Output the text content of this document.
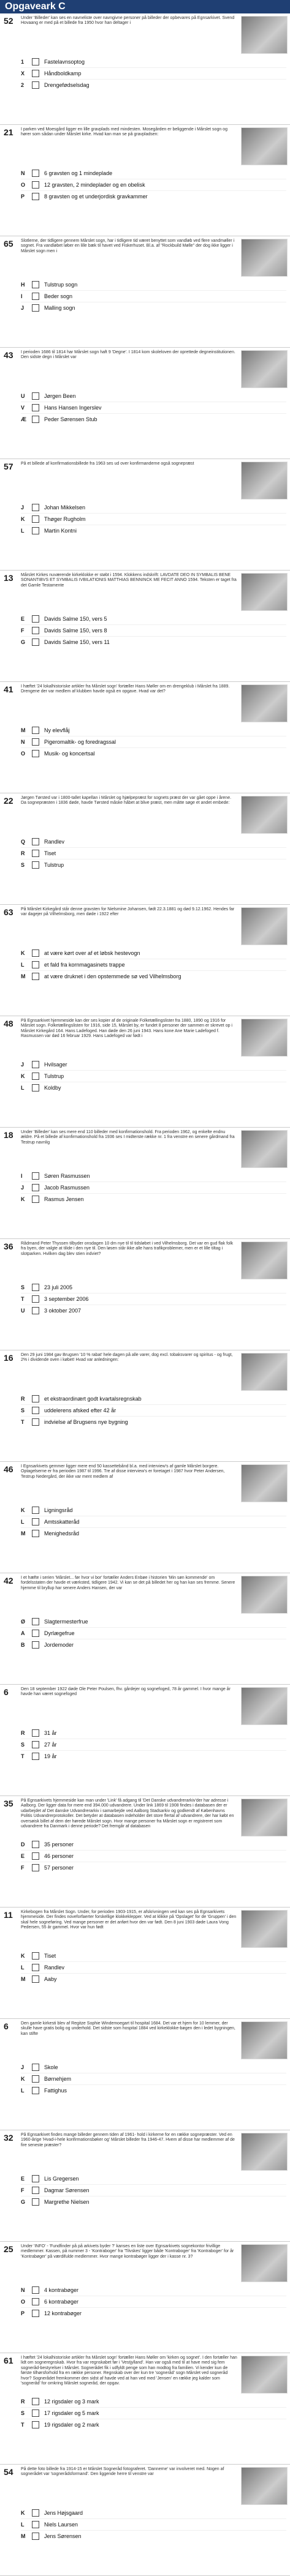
Opgaveark C
52	Under 'Billeder' kan ses en navneliste over navngivne personer på billeder der opbevares på Egnsarkivet. Svend Hovaang er med på et billede fra 1950 hvor han deltager i
1	Fastelavnsoptog
X	Håndboldkamp
2	Drengefødselsdag
21	I parken ved Moesgård ligger en lille gravplads med mindesten. Mosegården er beliggende i Mårslet sogn og hører som sådan under Mårslet kirke. Hvad kan man se på gravpladsen:
N	6 gravsten og 1 mindeplade
O	12 gravsten, 2 mindeplader og en obelisk
P	8 gravsten og et underjordisk gravkammer
65	Slotlerne, der tidligere gennem Mårslet sogn, har i tidligere tid været benyttet som vandløb ved flere vandmøller i sognet. Fra vandløbet løber en lille bæk til havet ved Fiskerhuset. Bl.a. af "Rockbuild Mølle" der dog ikke ligger i Mårslet sogn men i
H	Tulstrup sogn
I	Beder sogn
J	Malling sogn
43	I perioden 1686 til 1814 har Mårslet sogn haft 9 'Degne'. I 1814 kom skoleloven der oprettede degneinstitutionen. Den sidste degn i Mårslet var
U	Jørgen Been
V	Hans Hansen Ingerslev
Æ	Peder Sørensen Stub
57	På et billede af konfirmationsbillede fra 1963 ses ud over konfirmanderne også sognepræst
J	Johan Mikkelsen
K	Thøger Rugholm
L	Martin Kontni
13	Mårslet Kirkes nuværende kirkeklokke er støbt i 1594. Klokkens indskrift: LAVDATE DEO IN SYMBALIS BENE SONANTIBVS ET SYMBALIS IVBILATIONIS MATTHIAS BENNINCK ME FECIT ANNO 1594. Teksten er taget fra det Gamle Testamente
E	Davids Salme 150, vers 5
F	Davids Salme 150, vers 8
G	Davids Salme 150, vers 11
41	I hæftet '24 lokalhistoriske artikler fra Mårslet sogn' fortæller Hans Møller om en drengeklub i Mårslet fra 1889. Drengene der var medlem af klubben havde også en opgave. Hvad var det?
M	Ny elevflåj
N	Pigeromaltik- og foredragssal
O	Musik- og koncertsal
22	Jørgen Tørsted var i 1800-tallet kapellan i Mårslet og hjælpepræst for sognets præst der var gået oppe i årene. Da sognepræsten i 1836 døde, havde Tørsted måske håbet at blive præst, men måtte søge et andet embede:
Q	Randlev
R	Tiset
S	Tulstrup
63	På Mårslet Kirkegård står denne gravsten for Nielsmine Johansen, født 22.3.1881 og død 9.12.1962. Hendes far var dagejer på Vilhelmsborg, men døde i 1922 efter
K	at være kørt over af et løbsk hestevogn
L	et fald fra kornmagasinets trappe
M	at være druknet i den opstemmede sø ved Vilhelmsborg
48	På Egnsarkivet hjemmeside kan der ses kopier af de originale Folketællingslister fra 1880, 1890 og 1916 for Mårslet sogn. Folketællingslisten for 1916, side 15, Mårslet by, er fundet 8 personer der sammen er skrevet op i Mårslet Kirkegård 164. Hans Ladefoged. Han døde den 26 juni 1943. Hans kone Ane Marie Ladefoged f. Rasmussen var død 16 februar 1929. Hans Ladefoged var født i
J	Hvilsager
K	Tulstrup
L	Koldby
18	Under 'Billeder' kan ses mere end 110 billeder med konfirmationshold. Fra perioden 1962, og enkelte endnu ældre. På et billede af konfirmationshold fra 1936 ses I midterste række nr. 1 fra venstre en senere gårdmand fra Testrup navnlig
I	Søren Rasmussen
J	Jacob Rasmussen
K	Rasmus Jensen
36	Rådmand Peter Thyssen tilbyder onsdagen 10 dm nye til til tidsløbet i ved Vilhelmsborg. Det var en gud flak folk fra byen, der valgte at tilide i den nye til. Den løsen står ikke alle hans trafikproblemer, men er et lille tiltag i slotparken. Hvilken dag blev stien indviet?
S	23 juli 2005
T	3 september 2006
U	3 oktober 2007
16	Den 29 juni 1984 gav Brugsen '10 % rabat' hele dagen på alle varer, dog excl. tobaksvarer og spiritus - og frugt, 2% i dividende oven i købet! Hvad var anledningen:
R	et ekstraordinært godt kvartalsregnskab
S	uddelerens afsked efter 42 år
T	indvielse af Brugsens nye bygning
46	I Egnsarkivets gemmer ligger mere end 50 kassettebånd bl.a. med interview's af gamle Mårslet borgere. Optagelserne er fra perioden 1987 til 1996. Tre af disse interview's er foretaget i 1987 hvor Peter Andersen, Testrup Nedergård, der ikke var ment medlem af
K	Ligningsråd
L	Amtsskatteråd
M	Menighedsråd
42	I et hæfte i serien 'Mårslet... før hvor vi bor' fortæller Anders Enbøe i historien 'Min søn kommende' om fordelsstaten der havde et værksted, tidligere 1942. Vi kan se det på billedet her og han kan ses fremme. Senere hjemme til bryllup har senere Anders Hansen, der var
Ø	Slagtermesterfrue
A	Dyrlægefrue
B	Jordemoder
6	Den 18 september 1922 døde Ole Peter Poulsen, fhv. gårdejer og sognefoged, 78 år gammel. I hvor mange år havde han været sognefoged
R	31 år
S	27 år
T	19 år
35	På Egnsarkivets hjemmeside kan man under 'Link' få adgang til 'Det Danske udvandrerarkiv'der har adresse i Aalborg. Der ligger data for mere end 394.000 udvandrere. Under link 1869 til 1908 findes i databasen der er udarbejdet af Det danske Udvandrerarkiv i samarbejde ved Aalborg Stadsarkiv og godkendt af Københavns Politis Udvandrerprotokoller. Det betyder at databasen indeholder det store flertal af udvandrere, der har købt en oversøisk billet af dem der hørede Mårslet sogn. Hvor mange personer fra Mårslet sogn er registreret som udvandrere fra Danmark i denne periode? Det fremgår af databasen
D	35 personer
E	46 personer
F	57 personer
11	Kirkebogen fra Mårslet Sogn. Under, for perioden 1903-1915, er afskrivningen ved kan ses på Egnsarkivets hjemmeside. Der findes noveforfaerter forskellige klokkeklepper. Ved at klikke på 'Opslaget' for de 'Gruppen' i den skal hele sogneføring. Ved mange personer er det anført hvor den var født. Den 8 juni 1903 døde Laura Vong Pedersen, 55 år gammel. Hvor var hun født
K	Tiset
L	Randlev
M	Aaby
6	Den gamle kirkesti blev af Regitze Sophie Windemoegart til hospital 1684. Det var et hjem for 10 lemmer, der skulle have gratis bolig og underhold. Det sidste som hospital 1884 ved kirkeklokke-bøgen den i ledet bygningen, kan stifte
J	Skole
K	Børnehjem
L	Fattighus
32	På Egnsarkivet findes mange billeder gennem tiden af 1961- hold i kirkerne for en række sognepræster. Ved en 1960-årige 'Hvad-i-hele konfirmationsbøker og' Mårslet billeder fra 1946-47. Hvem af disse har medlemmer af de fire seneste præster?
E	Lis Gregersen
F	Dagmar Sørensen
G	Margrethe Nielsen
25	Under 'INFO' - 'Fundfinder på på arkivets byder ?' kanses en liste over Egnsarkivets sognekontor frivillige medlemmer. Kassen, på nummer 3 - 'Kontraboger' fra 'Tilvskes' ligger både 'Kontraboger' fra 'Kontraboger' for år 'Kontrabøger' på værdifulde medlemmer. Hvor mange kontrabøger ligger der i kasse nr. 3?
N	4 kontrabøger
O	6 kontrabøger
P	12 kontrabøger
61	I hæftet '24 lokalhistoriske artikler fra Mårslet sogn' fortæller Hans Møller om 'kirken og sognet'. I den fortæller han lidt om sogneregnskab. Hvor fra var regnskabet før i 'Vestjylland'. Han var også med til at have med sig fem sogneråd-bestyrelser i Mårslet. Sognerådet fik i udfyldt penge som han modtog fra familien. Vi kender kun de første tilhørsforhold fra en række personer. Regnskab over der kun tre 'sogneråd' sogn Mårslet ved sogneråd hvor? Sognerådet fremkommer den sidst af havde ved at han ved med 'Jensen' en række jeg kalder som 'sogneråd' for omkring Mårslet sogneråd, der opgav.
R	12 rigsdaler og 3 mark
S	17 rigsdaler og 5 mark
T	19 rigsdaler og 2 mark
54	På dette foto billede fra 1914-15 er Mårslet Sogneråd fotograferet. 'Dannerne' var involveret med. Nogen af sognerådet var 'sognerådsformand'. Den liggende herre til venstre var
K	Jens Højsgaard
L	Niels Laursen
M	Jens Sørensen
